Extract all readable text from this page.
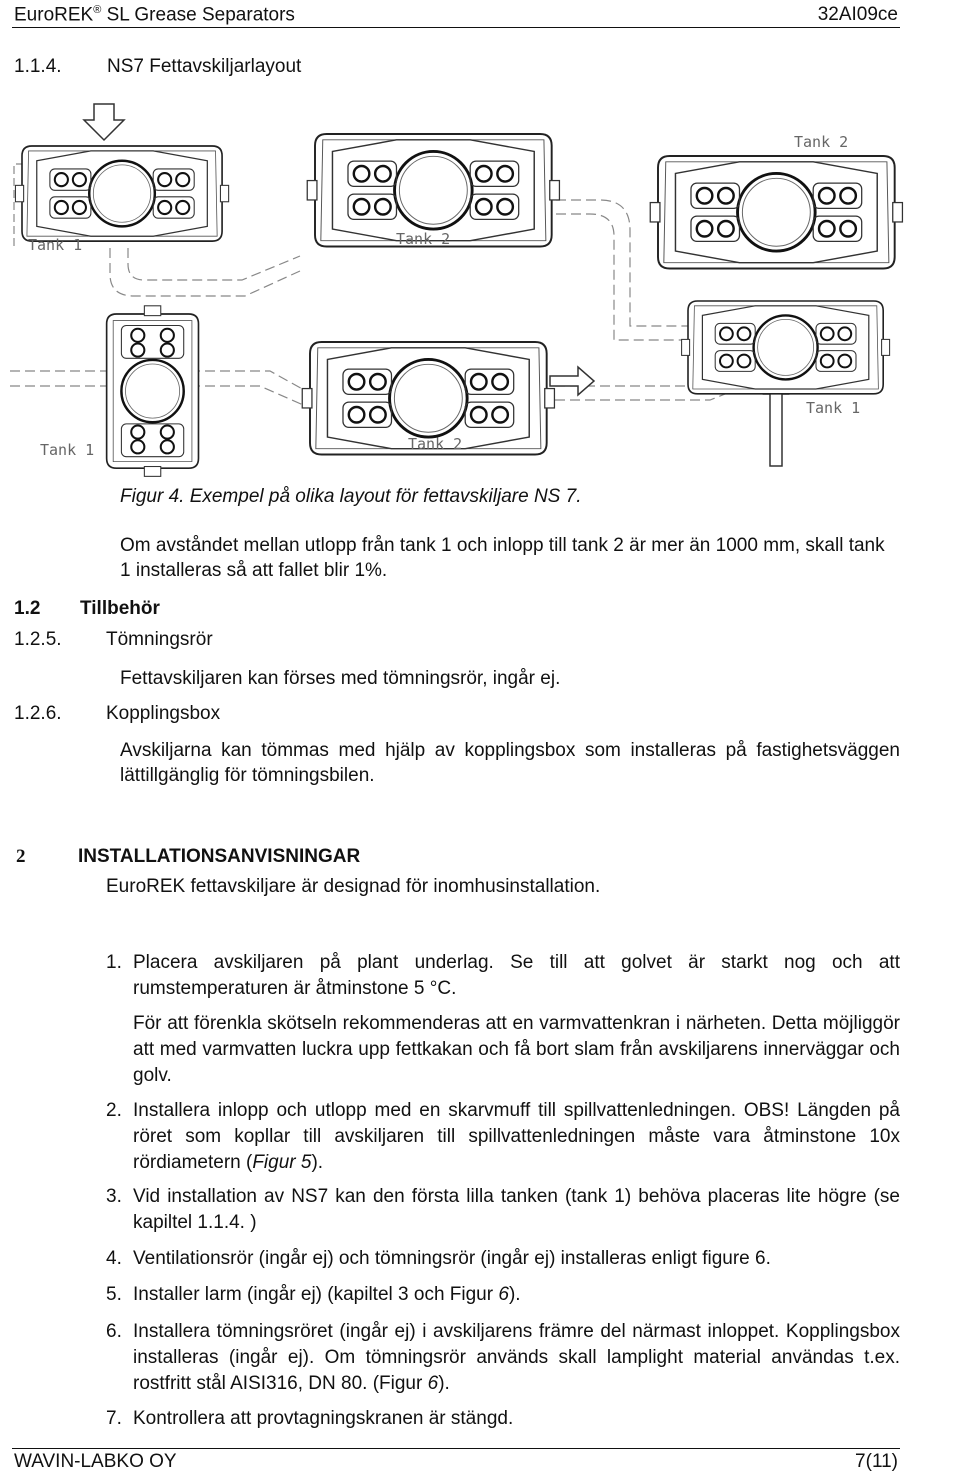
EuroREK® SL Grease Separators	32AI09ce
1.1.4. NS7 Fettavskiljarlayout
Tank 1	Tank 2
Tank 2
Tank 1	Tank 2
Tank 1
Figur 4. Exempel på olika layout för fettavskiljare NS 7.
Om avståndet mellan utlopp från tank 1 och inlopp till tank 2 är mer än 1000 mm, skall tank 1 installeras så att fallet blir 1%.
1.2 Tillbehör
1.2.5. Tömningsrör
Fettavskiljaren kan förses med tömningsrör, ingår ej.
1.2.6. Kopplingsbox
Avskiljarna kan tömmas med hjälp av kopplingsbox som installeras på fastighetsväggen lättillgänglig för tömningsbilen.
2	INSTALLATIONSANVISNINGAR
EuroREK fettavskiljare är designad för inomhusinstallation.
1. Placera avskiljaren på plant underlag. Se till att golvet är starkt nog och att rumstemperaturen är åtminstone 5 °C.
För att förenkla skötseln rekommenderas att en varmvattenkran i närheten. Detta möjliggör att med varmvatten luckra upp fettkakan och få bort slam från avskiljarens innerväggar och golv.
2. Installera inlopp och utlopp med en skarvmuff till spillvattenledningen. OBS! Längden på röret som kopllar till avskiljaren till spillvattenledningen måste vara åtminstone 10x rördiametern (Figur 5).
3. Vid installation av NS7 kan den första lilla tanken (tank 1) behöva placeras lite högre (se kapiltel 1.1.4. )
4. Ventilationsrör (ingår ej) och tömningsrör (ingår ej) installeras enligt figure 6.
5. Installer larm (ingår ej) (kapiltel 3 och Figur 6).
6. Installera tömningsröret (ingår ej) i avskiljarens främre del närmast inloppet. Kopplingsbox installeras (ingår ej). Om tömningsrör används skall lamplight material användas t.ex. rostfritt stål AISI316, DN 80. (Figur 6).
7. Kontrollera att provtagningskranen är stängd.
WAVIN-LABKO OY	7(11)
